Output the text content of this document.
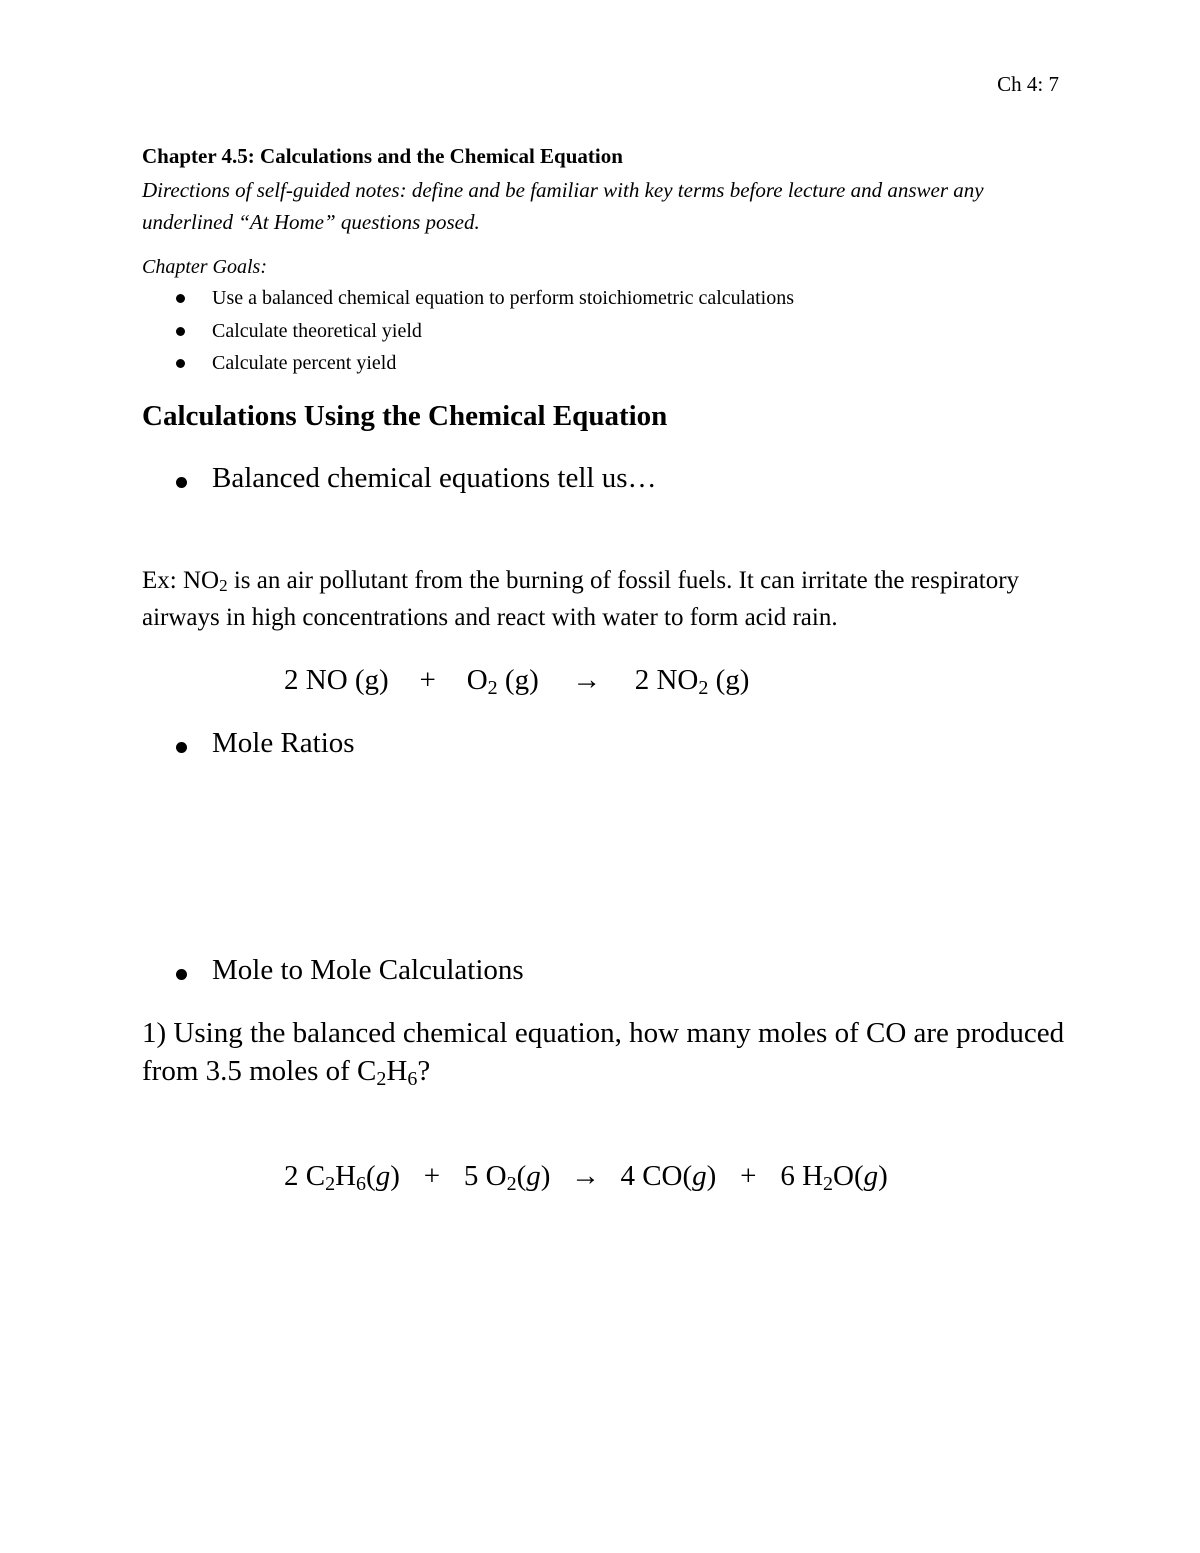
Ch 4: 7
Chapter 4.5: Calculations and the Chemical Equation
Directions of self-guided notes: define and be familiar with key terms before lecture and answer any underlined “At Home” questions posed.
Chapter Goals:
Use a balanced chemical equation to perform stoichiometric calculations
Calculate theoretical yield
Calculate percent yield
Calculations Using the Chemical Equation
Balanced chemical equations tell us…
Ex: NO2 is an air pollutant from the burning of fossil fuels. It can irritate the respiratory airways in high concentrations and react with water to form acid rain.
2 NO (g) + O2 (g) → 2 NO2 (g)
Mole Ratios
Mole to Mole Calculations
1) Using the balanced chemical equation, how many moles of CO are produced from 3.5 moles of C2H6?
2 C2H6(g) + 5 O2(g) → 4 CO(g) + 6 H2O(g)
